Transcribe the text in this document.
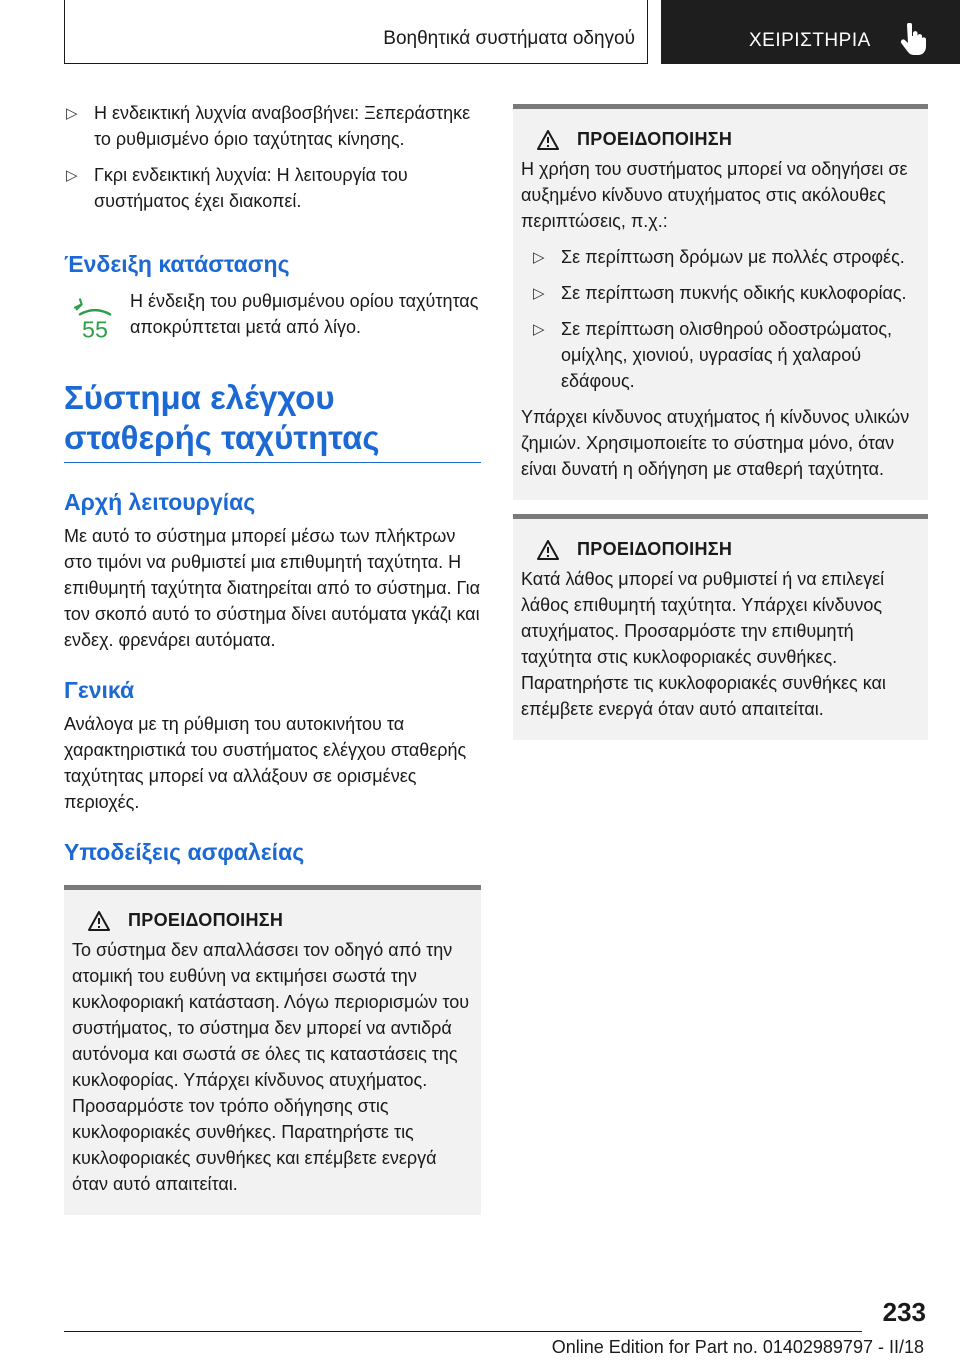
Βοηθητικά συστήματα οδηγού	ΧΕΙΡΙΣΤΗΡΙΑ
▷ Η ενδεικτική λυχνία αναβοσβήνει: Ξεπεράστηκε το ρυθμισμένο όριο ταχύτητας κίνησης.
▷ Γκρι ενδεικτική λυχνία: Η λειτουργία του συστήματος έχει διακοπεί.
Ένδειξη κατάστασης
55

Η ένδειξη του ρυθμισμένου ορίου ταχύτητας αποκρύπτεται μετά από λίγο.

Σύστημα ελέγχου σταθερής ταχύτητας
Αρχή λειτουργίας

Με αυτό το σύστημα μπορεί μέσω των πλήκτρων στο τιμόνι να ρυθμιστεί μια επιθυμητή ταχύτητα. Η επιθυμητή ταχύτητα διατηρείται από το σύστημα. Για τον σκοπό αυτό το σύστημα δίνει αυτόματα γκάζι και ενδεχ. φρενάρει αυτόματα.

Γενικά

Ανάλογα με τη ρύθμιση του αυτοκινήτου τα χαρακτηριστικά του συστήματος ελέγχου σταθερής ταχύτητας μπορεί να αλλάξουν σε ορισμένες περιοχές.

Υποδείξεις ασφαλείας
ΠΡΟΕΙΔΟΠΟΙΗΣΗ

Το σύστημα δεν απαλλάσσει τον οδηγό από την ατομική του ευθύνη να εκτιμήσει σωστά την κυκλοφοριακή κατάσταση. Λόγω περιορισμών του συστήματος, το σύστημα δεν μπορεί να αντιδρά αυτόνομα και σωστά σε όλες τις καταστάσεις της κυκλοφορίας. Υπάρχει κίνδυνος ατυχήματος. Προσαρμόστε τον τρόπο οδήγησης στις κυκλοφοριακές συνθήκες. Παρατηρήστε τις κυκλοφοριακές συνθήκες και επέμβετε ενεργά όταν αυτό απαιτείται.

ΠΡΟΕΙΔΟΠΟΙΗΣΗ

Η χρήση του συστήματος μπορεί να οδηγήσει σε αυξημένο κίνδυνο ατυχήματος στις ακόλουθες περιπτώσεις, π.χ.:

▷ Σε περίπτωση δρόμων με πολλές στροφές.
▷ Σε περίπτωση πυκνής οδικής κυκλοφορίας.
▷ Σε περίπτωση ολισθηρού οδοστρώματος, ομίχλης, χιονιού, υγρασίας ή χαλαρού εδάφους.

Υπάρχει κίνδυνος ατυχήματος ή κίνδυνος υλικών ζημιών. Χρησιμοποιείτε το σύστημα μόνο, όταν είναι δυνατή η οδήγηση με σταθερή ταχύτητα.

ΠΡΟΕΙΔΟΠΟΙΗΣΗ

Κατά λάθος μπορεί να ρυθμιστεί ή να επιλεγεί λάθος επιθυμητή ταχύτητα. Υπάρχει κίνδυνος ατυχήματος. Προσαρμόστε την επιθυμητή ταχύτητα στις κυκλοφοριακές συνθήκες. Παρατηρήστε τις κυκλοφοριακές συνθήκες και επέμβετε ενεργά όταν αυτό απαιτείται.

233
Online Edition for Part no. 01402989797 - II/18
